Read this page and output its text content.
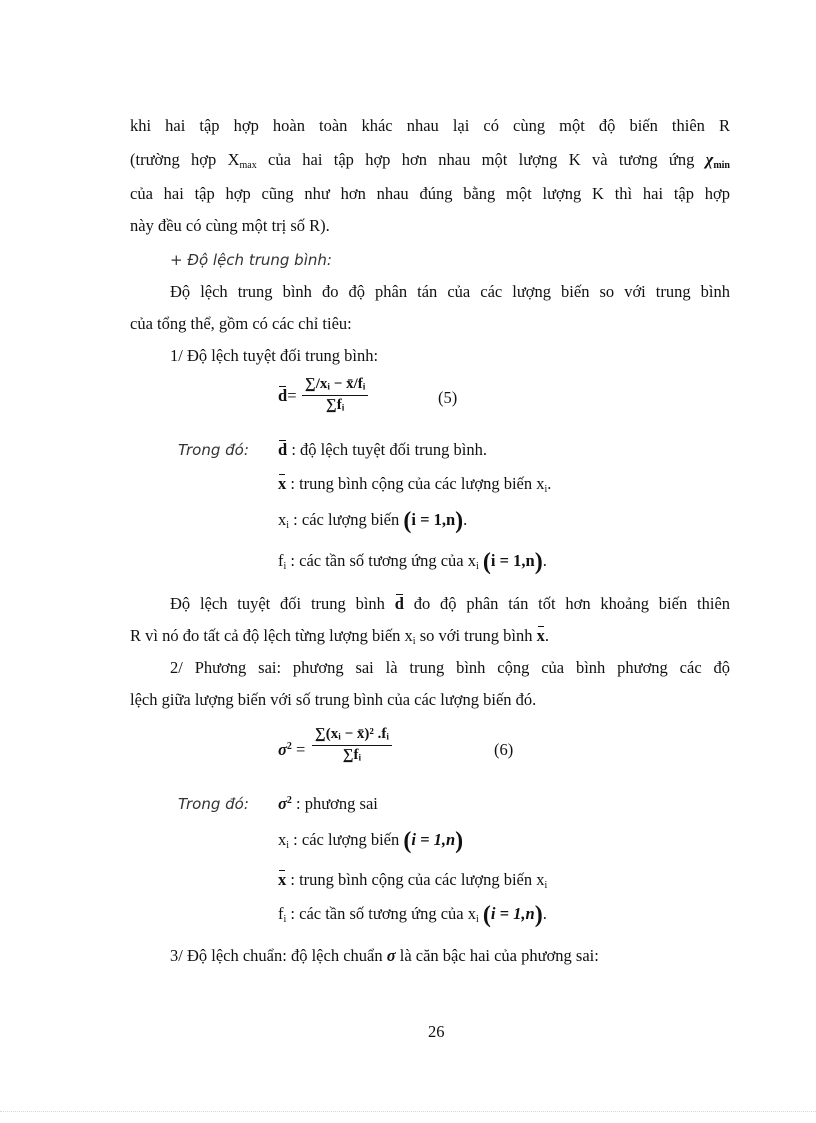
khi hai tập hợp hoàn toàn khác nhau lại có cùng một độ biến thiên R
(trường hợp $X_{max}$ của hai tập hợp hơn nhau một lượng K và tương ứng $\chi_{min}$
của hai tập hợp cũng như hơn nhau đúng bằng một lượng K thì hai tập hợp
này đều có cùng một trị số R).
+ Độ lệch trung bình:
Độ lệch trung bình đo độ phân tán của các lượng biến so với trung bình
của tổng thể, gồm có các chỉ tiêu:
1/ Độ lệch tuyệt đối trung bình:
$d= \frac{\text{∑/xᵢ − x̄/fᵢ}}{\text{∑fᵢ}}$	(5)
Trong đó: d : độ lệch tuyệt đối trung bình.
x : trung bình cộng của các lượng biến $x_i$.
$x_i$ : các lượng biến (i = 1,n).
$f_i$ : các tần số tương ứng của $x_i$ (i = 1,n).
Độ lệch tuyệt đối trung bình d đo độ phân tán tốt hơn khoảng biến thiên
R vì nó đo tất cả độ lệch từng lượng biến $x_i$ so với trung bình x.
2/ Phương sai: phương sai là trung bình cộng của bình phương các độ
lệch giữa lượng biến với số trung bình của các lượng biến đó.
$\sigma^2 = \frac{\text{∑(xᵢ − x̄)² .fᵢ}}{\text{∑fᵢ}}$	(6)
Trong đó: $\sigma^2$ : phương sai
$x_i$ : các lượng biến (i = 1,n)
x : trung bình cộng của các lượng biến $x_i$
$f_i$ : các tần số tương ứng của $x_i$ (i = 1,n).
3/ Độ lệch chuẩn: độ lệch chuẩn σ là căn bậc hai của phương sai:
26
